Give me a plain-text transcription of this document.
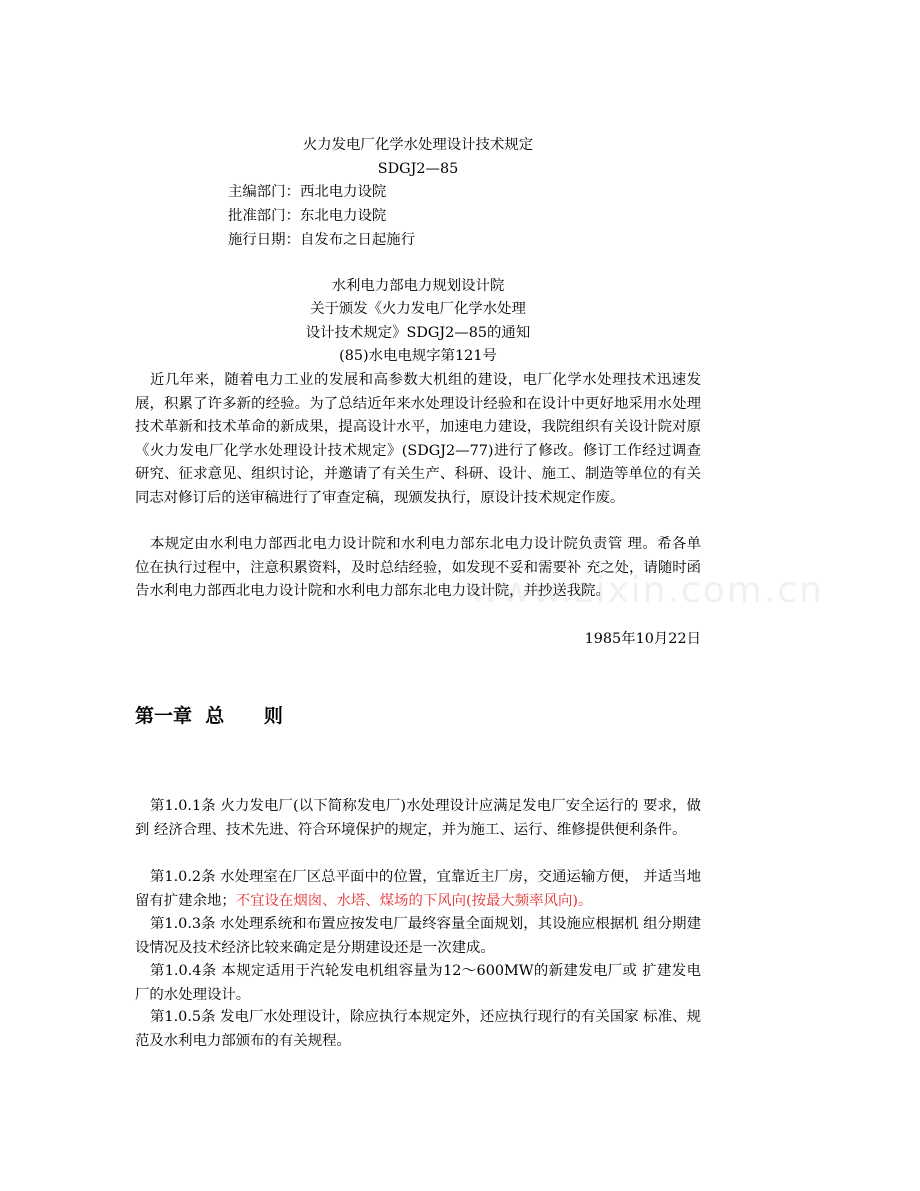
火力发电厂化学水处理设计技术规定
SDGJ2—85
主编部门：西北电力设院
批准部门：东北电力设院
施行日期：自发布之日起施行
水利电力部电力规划设计院
关于颁发《火力发电厂化学水处理
设计技术规定》SDGJ2—85的通知
(85)水电电规字第121号
近几年来，随着电力工业的发展和高参数大机组的建设，电厂化学水处理技术迅速发展，积累了许多新的经验。为了总结近年来水处理设计经验和在设计中更好地采用水处理技术革新和技术革命的新成果，提高设计水平，加速电力建设，我院组织有关设计院对原《火力发电厂化学水处理设计技术规定》(SDGJ2—77)进行了修改。修订工作经过调查研究、征求意见、组织讨论，并邀请了有关生产、科研、设计、施工、制造等单位的有关同志对修订后的送审稿进行了审查定稿，现颁发执行，原设计技术规定作废。
本规定由水利电力部西北电力设计院和水利电力部东北电力设计院负责管 理。希各单位在执行过程中，注意积累资料，及时总结经验，如发现不妥和需要补 充之处，请随时函告水利电力部西北电力设计院和水利电力部东北电力设计院，并抄送我院。
1985年10月22日
www.zixin.com.cn
第一章  总      则
第1.0.1条 火力发电厂(以下简称发电厂)水处理设计应满足发电厂安全运行的 要求，做到 经济合理、技术先进、符合环境保护的规定，并为施工、运行、维修提供便利条件。
第1.0.2条 水处理室在厂区总平面中的位置，宜靠近主厂房，交通运输方便， 并适当地留有扩建余地；不宜设在烟囱、水塔、煤场的下风向(按最大频率风向)。
第1.0.3条 水处理系统和布置应按发电厂最终容量全面规划，其设施应根据机 组分期建设情况及技术经济比较来确定是分期建设还是一次建成。
第1.0.4条 本规定适用于汽轮发电机组容量为12～600MW的新建发电厂或 扩建发电厂的水处理设计。
第1.0.5条 发电厂水处理设计，除应执行本规定外，还应执行现行的有关国家 标准、规范及水利电力部颁布的有关规程。
